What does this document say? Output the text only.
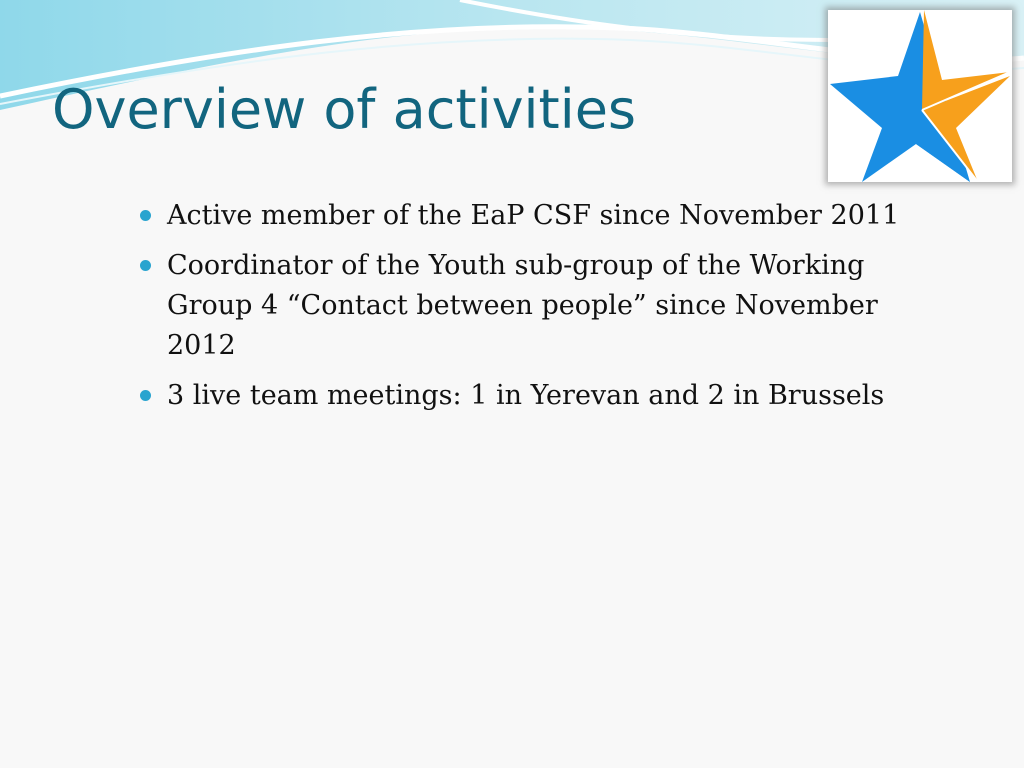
Overview of activities
Active member of the EaP CSF since November 2011
Coordinator of the Youth sub-group of the Working Group 4 “Contact between people” since November 2012
3 live team meetings: 1 in Yerevan and 2 in Brussels
